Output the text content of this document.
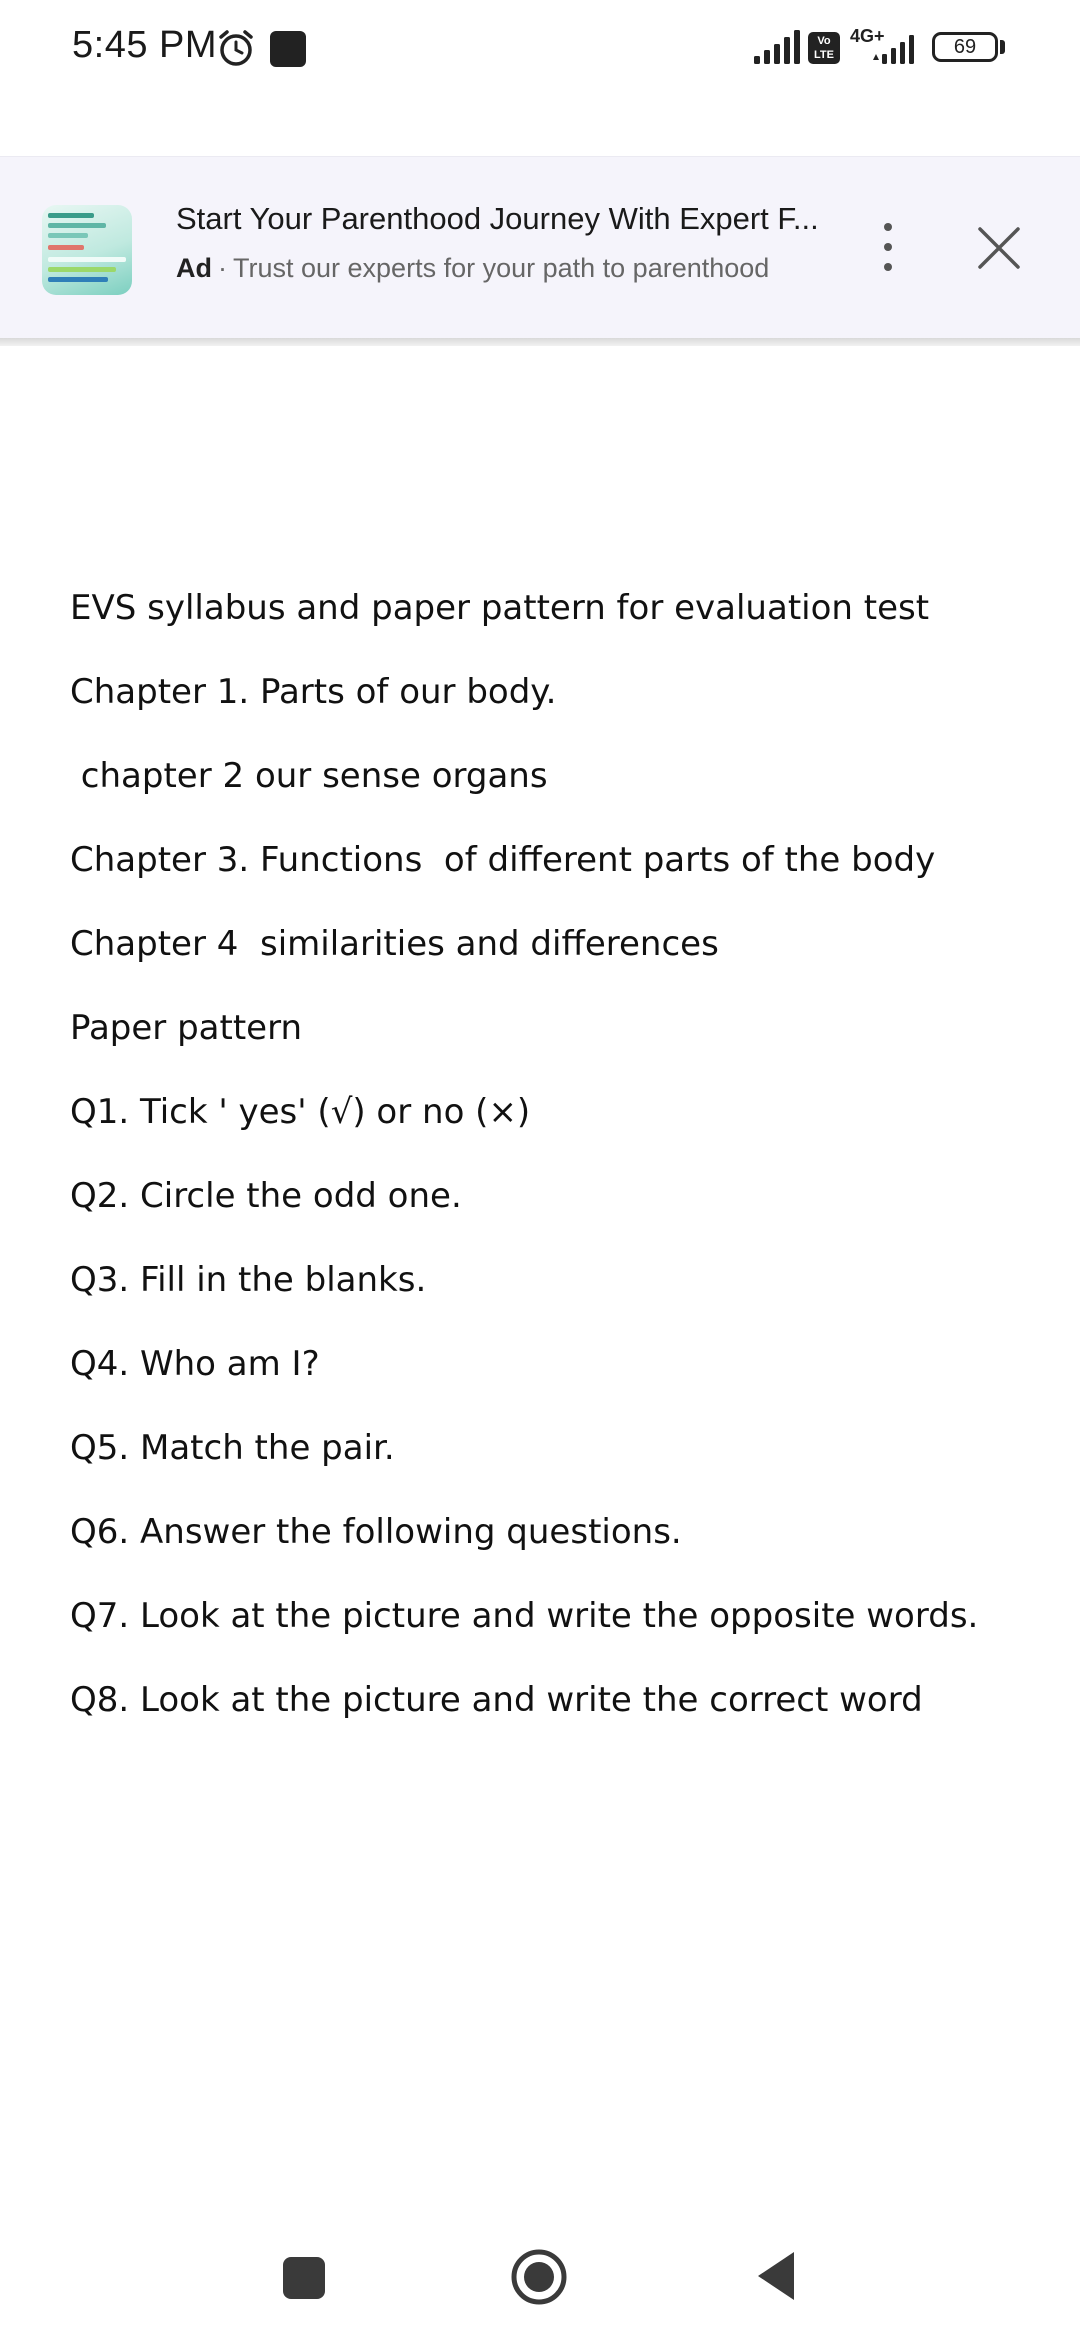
5:45 PM	Vo
LTE
4G+	69
Start Your Parenthood Journey With Expert F...
Ad · Trust our experts for your path to parenthood
EVS syllabus and paper pattern for evaluation test
Chapter 1. Parts of our body.
chapter 2 our sense organs
Chapter 3. Functions  of different parts of the body
Chapter 4  similarities and differences
Paper pattern
Q1. Tick ' yes' (√) or no (×)
Q2. Circle the odd one.
Q3. Fill in the blanks.
Q4. Who am I?
Q5. Match the pair.
Q6. Answer the following questions.
Q7. Look at the picture and write the opposite words.
Q8. Look at the picture and write the correct word
